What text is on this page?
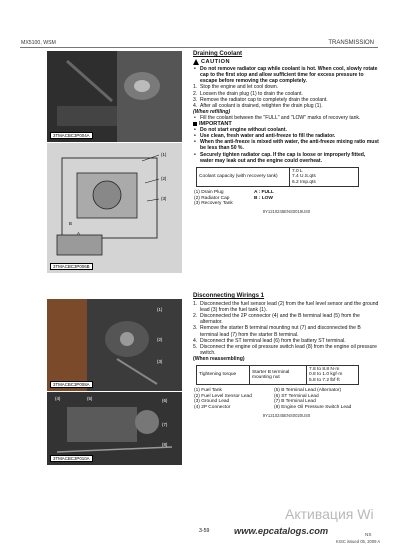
MX5100, WSM	TRANSMISSION
3TMACBC3P004A
(1)
(2)
(3)
B
A
3TMACBC3P006B
(1)
(2)
(3)
3TMACBC3P008A
(4)	(5)	(6)
(7)
(8)
3TMACBC3P010A
Draining Coolant
CAUTION
• Do not remove radiator cap while coolant is hot. When cool, slowly rotate cap to the first stop and allow sufficient time for excess pressure to escape before removing the cap completely.
1. Stop the engine and let cool down.
2. Loosen the drain plug (1) to drain the coolant.
3. Remove the radiator cap to completely drain the coolant.
4. After all coolant is drained, retighten the drain plug (1).
(When refilling)
• Fill the coolant between the "FULL" and "LOW" marks of recovery tank.
IMPORTANT
• Do not start engine without coolant.
• Use clean, fresh water and anti-freeze to fill the radiator.
• When the anti-freeze is mixed with water, the anti-freeze mixing ratio must be less than 50 %.
• Securely tighten radiator cap. If the cap is loose or improperly fitted, water may leak out and the engine could overheat.
Coolant capacity (with recovery tank)	
7.0 L
7.4 U.S.qts
6.2 Imp.qts
(1) Drain Plug	A : FULL
(2) Radiator Cap	B : LOW
(3) Recovery Tank
9Y1210245ENS0019US0
Disconnecting Wirings 1
1. Disconnected the fuel sensor lead (2) from the fuel level sensor and the ground lead (3) from the fuel tank (1).
2. Disconnected the 2P connector (4) and the B terminal lead (5) from the alternator.
3. Remove the starter B terminal mounting nut (7) and disconnected the B terminal lead (7) from the starter B terminal.
4. Disconnect the ST terminal lead (6) from the battery ST terminal.
5. Disconnect the engine oil pressure switch lead (8) from the engine oil pressure switch.
(When reassembling)
Tightening torque	Starter B terminal mounting nut	
7.8 to 8.8 N·m
0.8 to 1.0 kgf·m
5.8 to 7.2 lbf·ft
(1) Fuel Tank	(5) B Terminal Lead (Alternator)
(2) Fuel Level Sensor Lead	(6) ST Terminal Lead
(3) Ground Lead	(7) B Terminal Lead
(4) 2P Connector	(8) Engine Oil Pressure Switch Lead
9Y1210245ENS0020US0
Активация Wi
3-59	www.epcatalogs.com	NS
KISC issued 05, 2009 A
